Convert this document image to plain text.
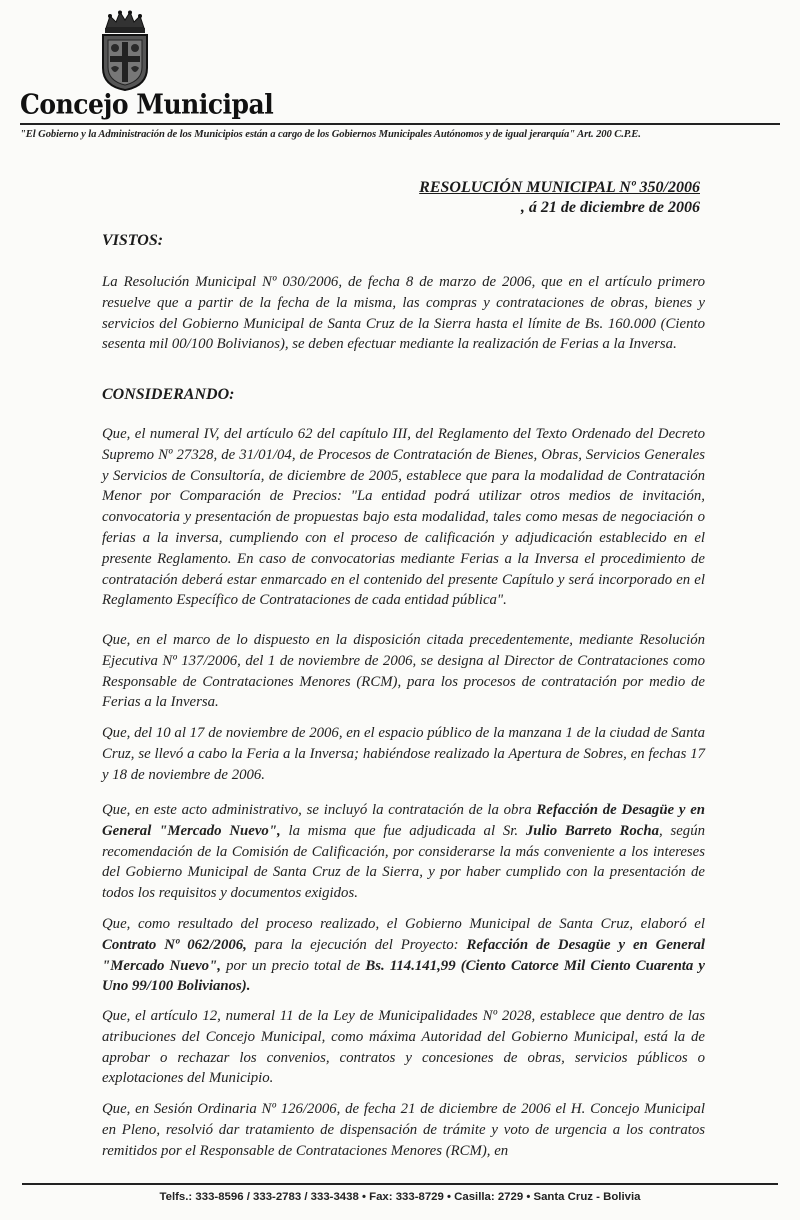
Concejo Municipal
"El Gobierno y la Administración de los Municipios están a cargo de los Gobiernos Municipales Autónomos y de igual jerarquía" Art. 200 C.P.E.
RESOLUCIÓN MUNICIPAL Nº 350/2006
, á 21 de diciembre de 2006
VISTOS:
La Resolución Municipal Nº 030/2006, de fecha 8 de marzo de 2006, que en el artículo primero resuelve que a partir de la fecha de la misma, las compras y contrataciones de obras, bienes y servicios del Gobierno Municipal de Santa Cruz de la Sierra hasta el límite de Bs. 160.000 (Ciento sesenta mil 00/100 Bolivianos), se deben efectuar mediante la realización de Ferias a la Inversa.
CONSIDERANDO:
Que, el numeral IV, del artículo 62 del capítulo III, del Reglamento del Texto Ordenado del Decreto Supremo Nº 27328, de 31/01/04, de Procesos de Contratación de Bienes, Obras, Servicios Generales y Servicios de Consultoría, de diciembre de 2005, establece que para la modalidad de Contratación Menor por Comparación de Precios: "La entidad podrá utilizar otros medios de invitación, convocatoria y presentación de propuestas bajo esta modalidad, tales como mesas de negociación o ferias a la inversa, cumpliendo con el proceso de calificación y adjudicación establecido en el presente Reglamento. En caso de convocatorias mediante Ferias a la Inversa el procedimiento de contratación deberá estar enmarcado en el contenido del presente Capítulo y será incorporado en el Reglamento Específico de Contrataciones de cada entidad pública".
Que, en el marco de lo dispuesto en la disposición citada precedentemente, mediante Resolución Ejecutiva Nº 137/2006, del 1 de noviembre de 2006, se designa al Director de Contrataciones como Responsable de Contrataciones Menores (RCM), para los procesos de contratación por medio de Ferias a la Inversa.
Que, del 10 al 17 de noviembre de 2006, en el espacio público de la manzana 1 de la ciudad de Santa Cruz, se llevó a cabo la Feria a la Inversa; habiéndose realizado la Apertura de Sobres, en fechas 17 y 18 de noviembre de 2006.
Que, en este acto administrativo, se incluyó la contratación de la obra Refacción de Desagüe y en General "Mercado Nuevo", la misma que fue adjudicada al Sr. Julio Barreto Rocha, según recomendación de la Comisión de Calificación, por considerarse la más conveniente a los intereses del Gobierno Municipal de Santa Cruz de la Sierra, y por haber cumplido con la presentación de todos los requisitos y documentos exigidos.
Que, como resultado del proceso realizado, el Gobierno Municipal de Santa Cruz, elaboró el Contrato Nº 062/2006, para la ejecución del Proyecto: Refacción de Desagüe y en General "Mercado Nuevo", por un precio total de Bs. 114.141,99 (Ciento Catorce Mil Ciento Cuarenta y Uno 99/100 Bolivianos).
Que, el artículo 12, numeral 11 de la Ley de Municipalidades Nº 2028, establece que dentro de las atribuciones del Concejo Municipal, como máxima Autoridad del Gobierno Municipal, está la de aprobar o rechazar los convenios, contratos y concesiones de obras, servicios públicos o explotaciones del Municipio.
Que, en Sesión Ordinaria Nº 126/2006, de fecha 21 de diciembre de 2006 el H. Concejo Municipal en Pleno, resolvió dar tratamiento de dispensación de trámite y voto de urgencia a los contratos remitidos por el Responsable de Contrataciones Menores (RCM), en
Telfs.: 333-8596 / 333-2783 / 333-3438 • Fax: 333-8729 • Casilla: 2729 • Santa Cruz - Bolivia
